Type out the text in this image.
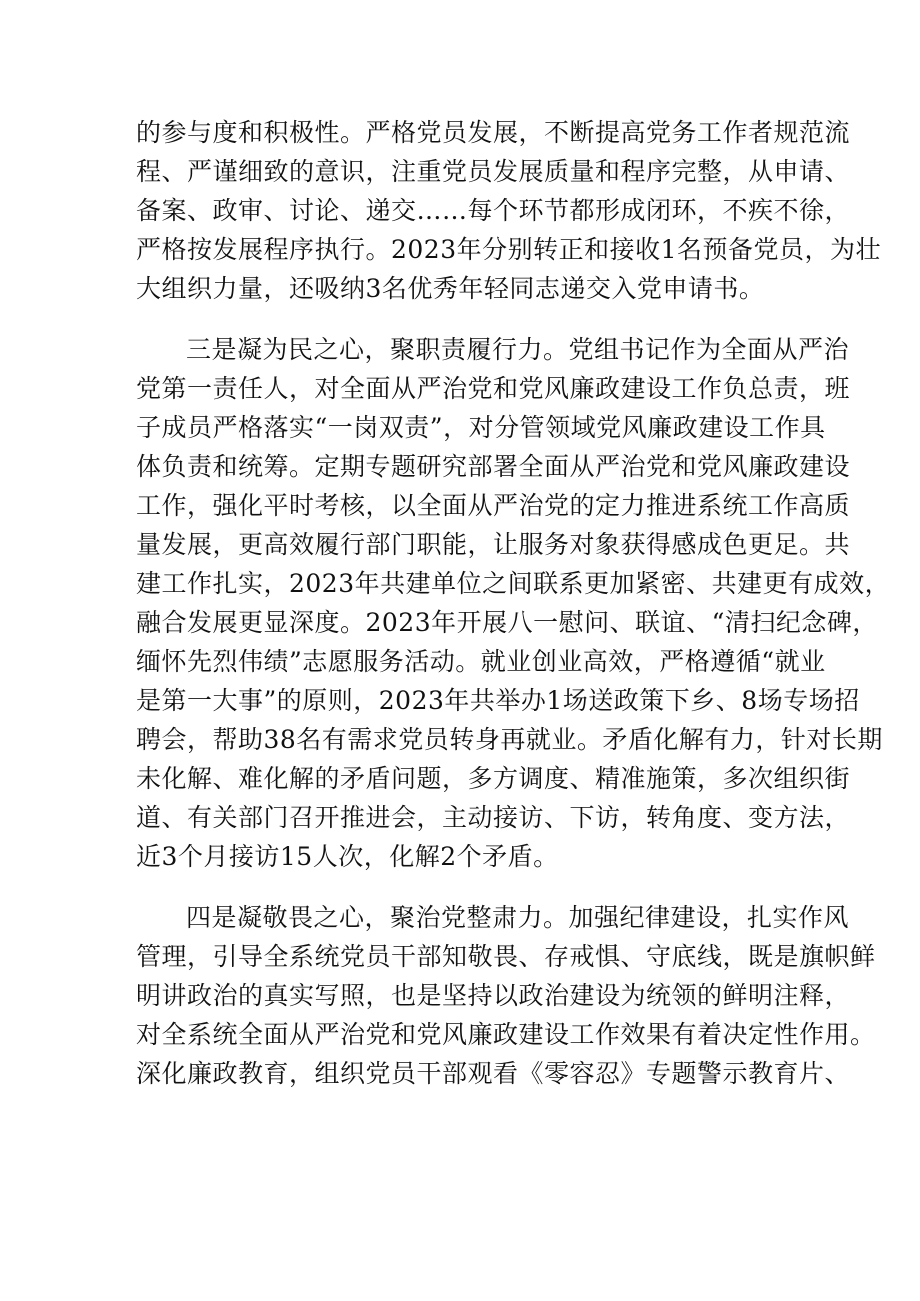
的参与度和积极性。严格党员发展，不断提高党务工作者规范流
程、严谨细致的意识，注重党员发展质量和程序完整，从申请、
备案、政审、讨论、递交……每个环节都形成闭环，不疾不徐，
严格按发展程序执行。2023年分别转正和接收1名预备党员，为壮
大组织力量，还吸纳3名优秀年轻同志递交入党申请书。
三是凝为民之心，聚职责履行力。党组书记作为全面从严治
党第一责任人，对全面从严治党和党风廉政建设工作负总责，班
子成员严格落实“一岗双责”，对分管领域党风廉政建设工作具
体负责和统筹。定期专题研究部署全面从严治党和党风廉政建设
工作，强化平时考核，以全面从严治党的定力推进系统工作高质
量发展，更高效履行部门职能，让服务对象获得感成色更足。共
建工作扎实，2023年共建单位之间联系更加紧密、共建更有成效，
融合发展更显深度。2023年开展八一慰问、联谊、“清扫纪念碑，
缅怀先烈伟绩”志愿服务活动。就业创业高效，严格遵循“就业
是第一大事”的原则，2023年共举办1场送政策下乡、8场专场招
聘会，帮助38名有需求党员转身再就业。矛盾化解有力，针对长期
未化解、难化解的矛盾问题，多方调度、精准施策，多次组织街
道、有关部门召开推进会，主动接访、下访，转角度、变方法，
近3个月接访15人次，化解2个矛盾。
四是凝敬畏之心，聚治党整肃力。加强纪律建设，扎实作风
管理，引导全系统党员干部知敬畏、存戒惧、守底线，既是旗帜鲜
明讲政治的真实写照，也是坚持以政治建设为统领的鲜明注释，
对全系统全面从严治党和党风廉政建设工作效果有着决定性作用。
深化廉政教育，组织党员干部观看《零容忍》专题警示教育片、
